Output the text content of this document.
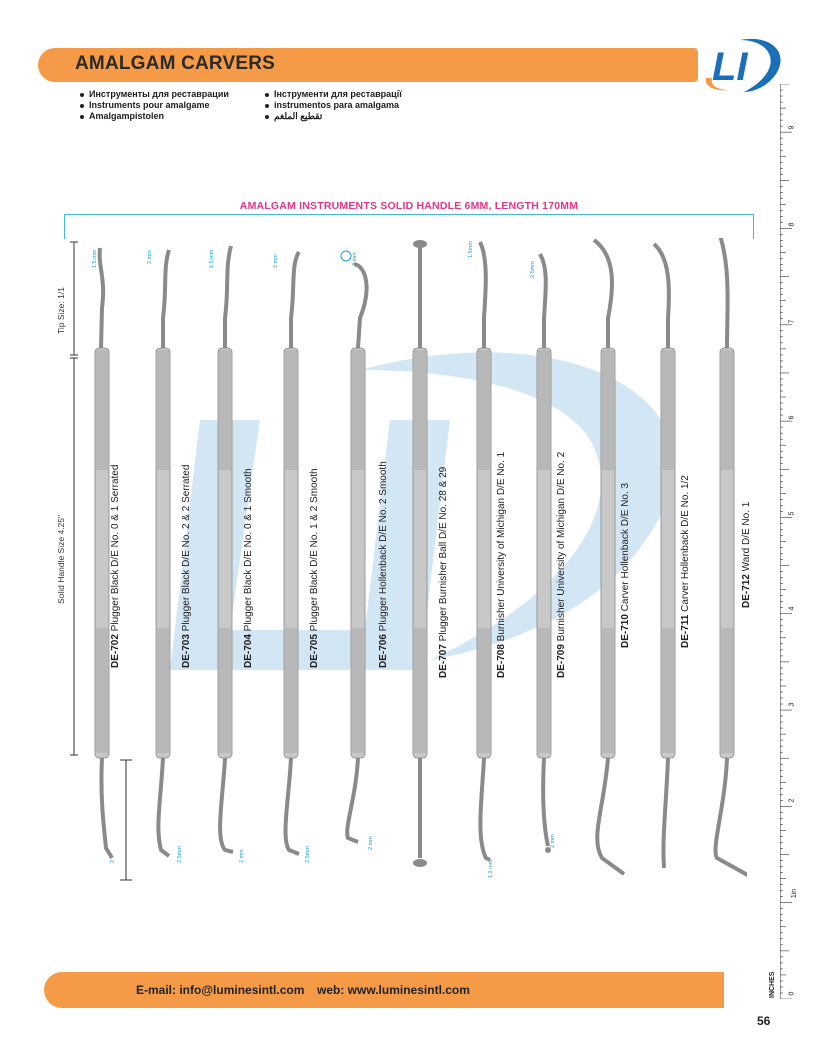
AMALGAM CARVERS
Инструменты для реставрации
Instruments pour amalgame
Amalgampistolen
Інструменти для реставрації
instrumentos para amalgama
تقطيع الملغم
LI
AMALGAM INSTRUMENTS SOLID HANDLE 6MM, LENGTH 170MM
Tip Size: 1/1
Solid Handle Size 4.25"
DE-702 Plugger Black D/E No. 0 & 1 Serrated
1.5 mm
2
DE-703 Plugger Black D/E No. 2 & 2 Serrated
2 mm
2.5mm
DE-704 Plugger Black D/E No. 0 & 1 Smooth
1.5 mm
2 mm
DE-705 Plugger Black D/E No. 1 & 2 Smooth
2 mm
2.5mm
DE-706 Plugger Hollenback D/E No. 2 Smooth
3 mm
2 mm
DE-707 Plugger Burnisher Ball D/E No. 28 & 29
DE-708 Burnisher University of Michigan D/E No. 1
1.5mm
1.2 mm
DE-709 Burnisher University of Michigan D/E No. 2
2.5mm
2 mm
DE-710 Carver Hollenback D/E No. 3
DE-711 Carver Hollenback D/E No. 1/2	DE-712 Ward D/E No. 1
9
8
7
6
5
4
3
2
1in
0
INCHES
E-mail: info@luminesintl.com web: www.luminesintl.com
56
